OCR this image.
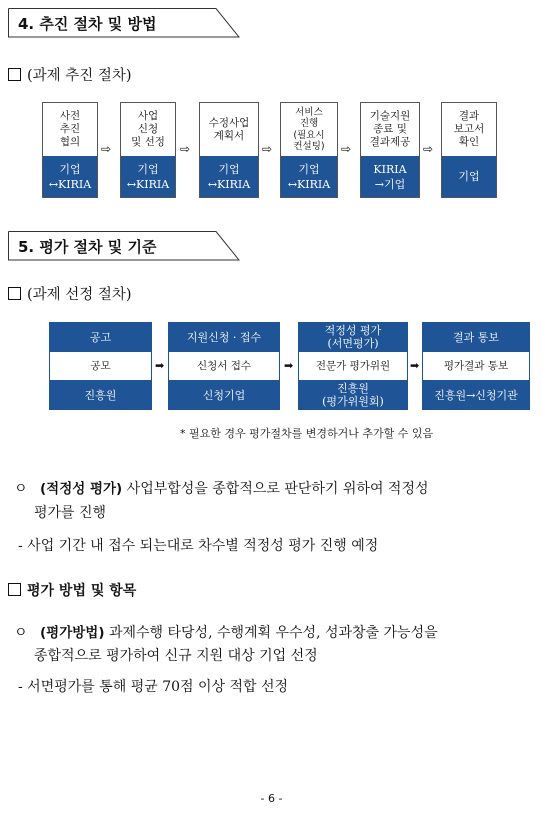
4. 추진 절차 및 방법
(과제 추진 절차)
사전
추진
협의
기업
↔KIRIA
⇨
사업
신청
및 선정
기업
↔KIRIA
⇨
수정사업
계획서
기업
↔KIRIA
⇨
서비스
진행
(필요시
컨설팅)
기업
↔KIRIA
⇨
기술지원
종료 및
결과제공
KIRIA
→기업
⇨
결과
보고서
확인
기업
5. 평가 절차 및 기준
(과제 선정 절차)
공고
공모
진흥원
➡
지원신청 · 접수
신청서 접수
신청기업
➡
적정성 평가
(서면평가)
전문가 평가위원
진흥원
(평가위원회)
➡
결과 통보
평가결과 통보
진흥원→신청기관
* 필요한 경우 평가절차를 변경하거나 추가할 수 있음
ㅇ (적정성 평가) 사업부합성을 종합적으로 판단하기 위하여 적정성
평가를 진행
- 사업 기간 내 접수 되는대로 차수별 적정성 평가 진행 예정
평가 방법 및 항목
ㅇ (평가방법) 과제수행 타당성, 수행계획 우수성, 성과창출 가능성을
종합적으로 평가하여 신규 지원 대상 기업 선정
- 서면평가를 통해 평균 70점 이상 적합 선정
- 6 -
